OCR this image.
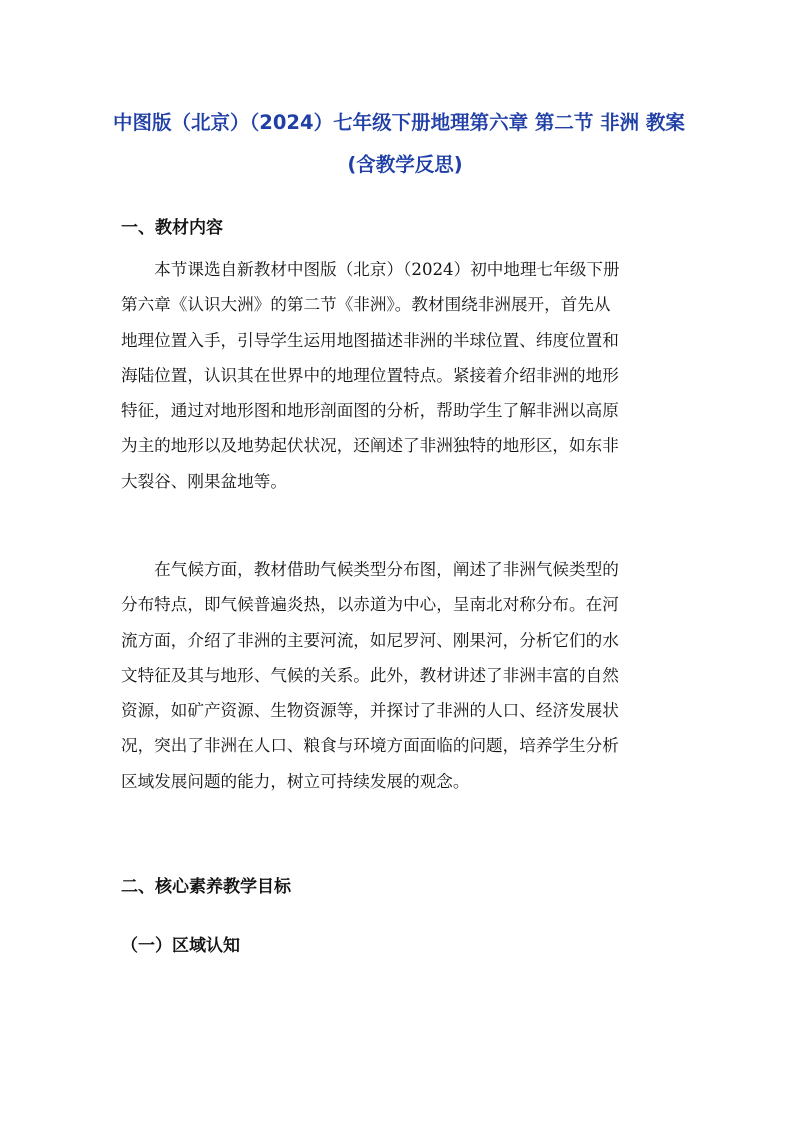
中图版（北京）（2024）七年级下册地理第六章 第二节 非洲 教案
(含教学反思)
一、教材内容
　　本节课选自新教材中图版（北京）（2024）初中地理七年级下册
第六章《认识大洲》的第二节《非洲》。教材围绕非洲展开，首先从
地理位置入手，引导学生运用地图描述非洲的半球位置、纬度位置和
海陆位置，认识其在世界中的地理位置特点。紧接着介绍非洲的地形
特征，通过对地形图和地形剖面图的分析，帮助学生了解非洲以高原
为主的地形以及地势起伏状况，还阐述了非洲独特的地形区，如东非
大裂谷、刚果盆地等。
　　在气候方面，教材借助气候类型分布图，阐述了非洲气候类型的
分布特点，即气候普遍炎热，以赤道为中心，呈南北对称分布。在河
流方面，介绍了非洲的主要河流，如尼罗河、刚果河，分析它们的水
文特征及其与地形、气候的关系。此外，教材讲述了非洲丰富的自然
资源，如矿产资源、生物资源等，并探讨了非洲的人口、经济发展状
况，突出了非洲在人口、粮食与环境方面面临的问题，培养学生分析
区域发展问题的能力，树立可持续发展的观念。
二、核心素养教学目标
（一）区域认知
